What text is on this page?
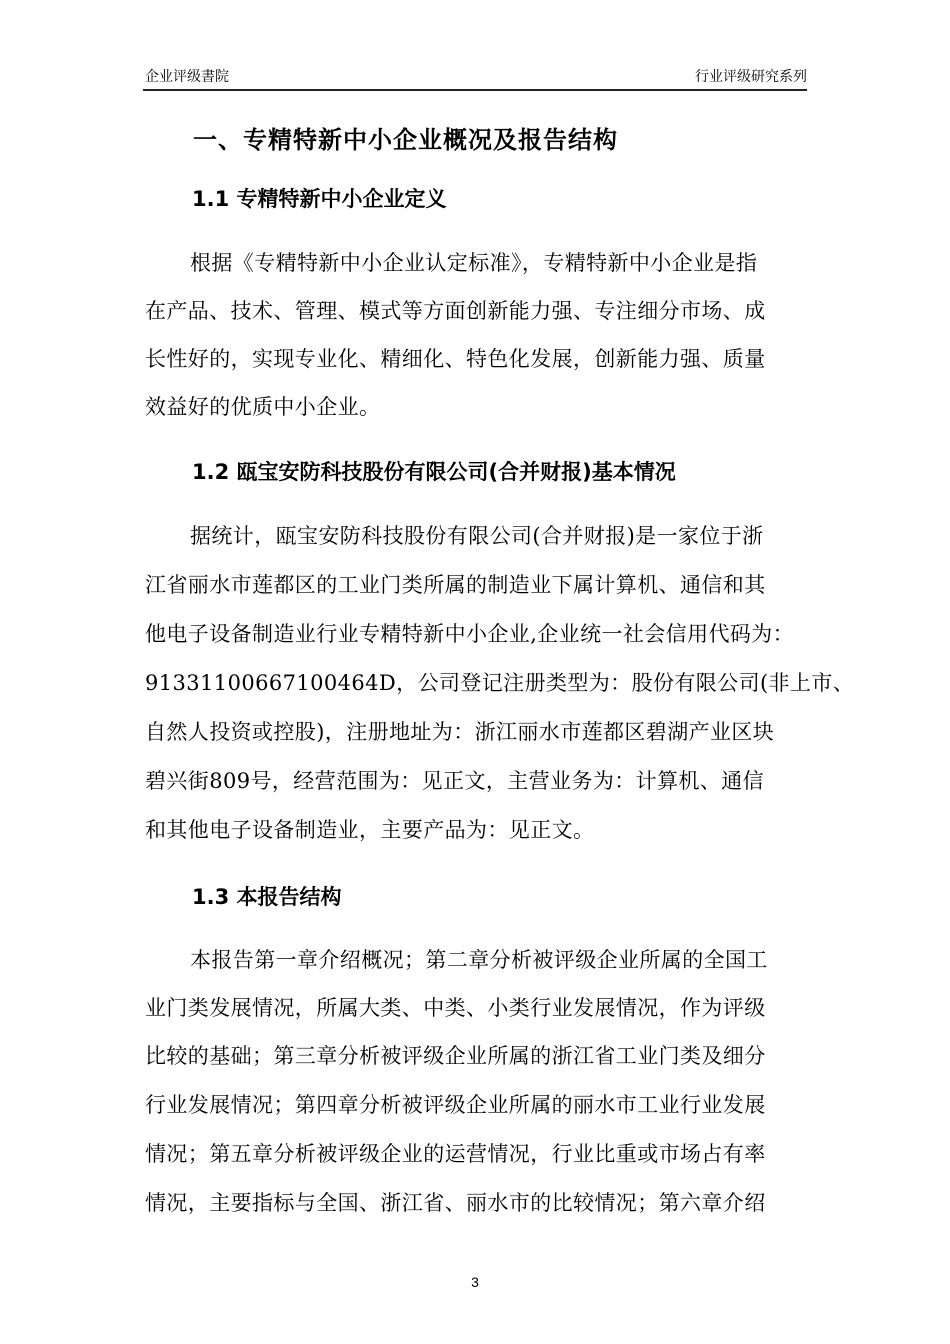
企业评级書院	行业评级研究系列
一、专精特新中小企业概况及报告结构
1.1 专精特新中小企业定义
根据《专精特新中小企业认定标准》，专精特新中小企业是指
在产品、技术、管理、模式等方面创新能力强、专注细分市场、成
长性好的，实现专业化、精细化、特色化发展，创新能力强、质量
效益好的优质中小企业。
1.2 瓯宝安防科技股份有限公司(合并财报)基本情况
据统计，瓯宝安防科技股份有限公司(合并财报)是一家位于浙
江省丽水市莲都区的工业门类所属的制造业下属计算机、通信和其
他电子设备制造业行业专精特新中小企业,企业统一社会信用代码为：
91331100667100464D，公司登记注册类型为：股份有限公司(非上市、
自然人投资或控股)，注册地址为：浙江丽水市莲都区碧湖产业区块
碧兴街809号，经营范围为：见正文，主营业务为：计算机、通信
和其他电子设备制造业，主要产品为：见正文。
1.3 本报告结构
本报告第一章介绍概况；第二章分析被评级企业所属的全国工
业门类发展情况，所属大类、中类、小类行业发展情况，作为评级
比较的基础；第三章分析被评级企业所属的浙江省工业门类及细分
行业发展情况；第四章分析被评级企业所属的丽水市工业行业发展
情况；第五章分析被评级企业的运营情况，行业比重或市场占有率
情况，主要指标与全国、浙江省、丽水市的比较情况；第六章介绍
3
